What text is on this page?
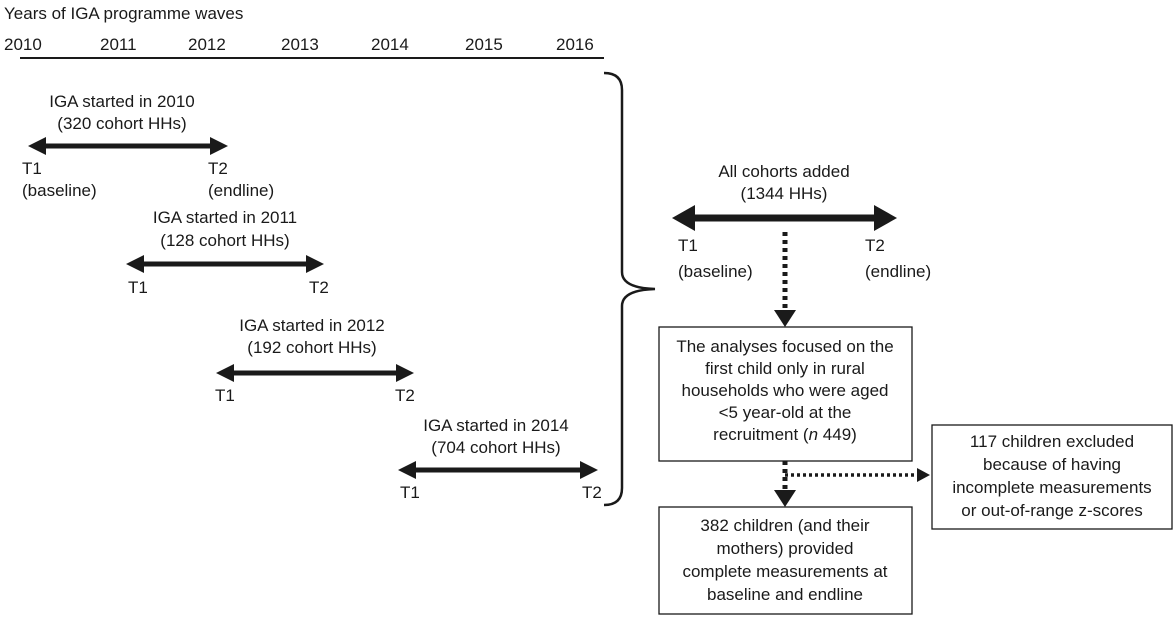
Years of IGA programme waves
2010	2011	2012	2013	2014	2015	2016
IGA started in 2010
(320 cohort HHs)
T1
(baseline)
T2
(endline)
IGA started in 2011
(128 cohort HHs)
T1	T2
IGA started in 2012
(192 cohort HHs)
T1	T2
IGA started in 2014
(704 cohort HHs)
T1	T2
All cohorts added
(1344 HHs)
T1
(baseline)
T2
(endline)
The analyses focused on the
first child only in rural
households who were aged
<5 year-old at the
recruitment (n 449)	117 children excluded
because of having
incomplete measurements
or out-of-range z-scores
382 children (and their
mothers) provided
complete measurements at
baseline and endline
